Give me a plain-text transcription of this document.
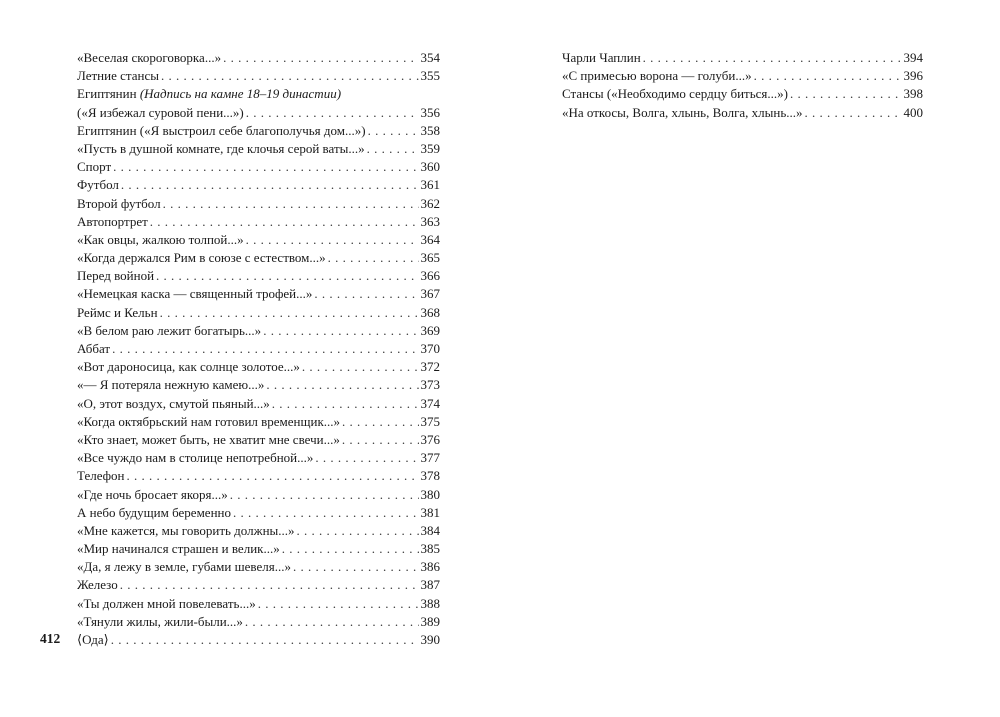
412
«Веселая скороговорка...» . . .	354
Летние стансы . . .	355
Египтянин (Надпись на камне 18–19 династии)
(«Я избежал суровой пени...») . . .	356
Египтянин («Я выстроил себе благополучья дом...») . . .	358
«Пусть в душной комнате, где клочья серой ваты...» . . .	359
Спорт . . .	360
Футбол . . .	361
Второй футбол . . .	362
Автопортрет . . .	363
«Как овцы, жалкою толпой...» . . .	364
«Когда держался Рим в союзе с естеством...» . . .	365
Перед войной . . .	366
«Немецкая каска — священный трофей...» . . .	367
Реймс и Кельн . . .	368
«В белом раю лежит богатырь...» . . .	369
Аббат . . .	370
«Вот дароносица, как солнце золотое...» . . .	372
«— Я потеряла нежную камею...» . . .	373
«О, этот воздух, смутой пьяный...» . . .	374
«Когда октябрьский нам готовил временщик...» . . .	375
«Кто знает, может быть, не хватит мне свечи...» . . .	376
«Все чуждо нам в столице непотребной...» . . .	377
Телефон . . .	378
«Где ночь бросает якоря...» . . .	380
А небо будущим беременно . . .	381
«Мне кажется, мы говорить должны...» . . .	384
«Мир начинался страшен и велик...» . . .	385
«Да, я лежу в земле, губами шевеля...» . . .	386
Железо . . .	387
«Ты должен мной повелевать...» . . .	388
«Тянули жилы, жили-были...» . . .	389
⟨Ода⟩ . . .	390
Чарли Чаплин . . .	394
«С примесью ворона — голуби...» . . .	396
Стансы («Необходимо сердцу биться...») . . .	398
«На откосы, Волга, хлынь, Волга, хлынь...» . . .	400
